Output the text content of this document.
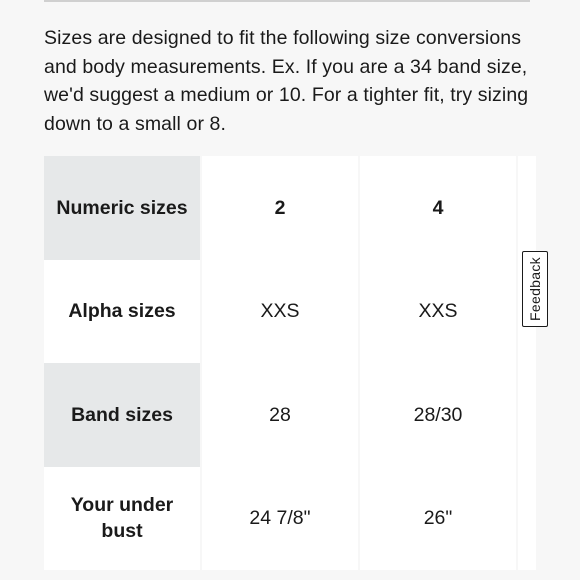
Sizes are designed to fit the following size conversions and body measurements. Ex. If you are a 34 band size, we'd suggest a medium or 10. For a tighter fit, try sizing down to a small or 8.

Numeric sizes	2	4	
Alpha sizes	XXS	XXS	
Band sizes	28	28/30	
Your under bust	24 7/8"	26"	
Feedback
